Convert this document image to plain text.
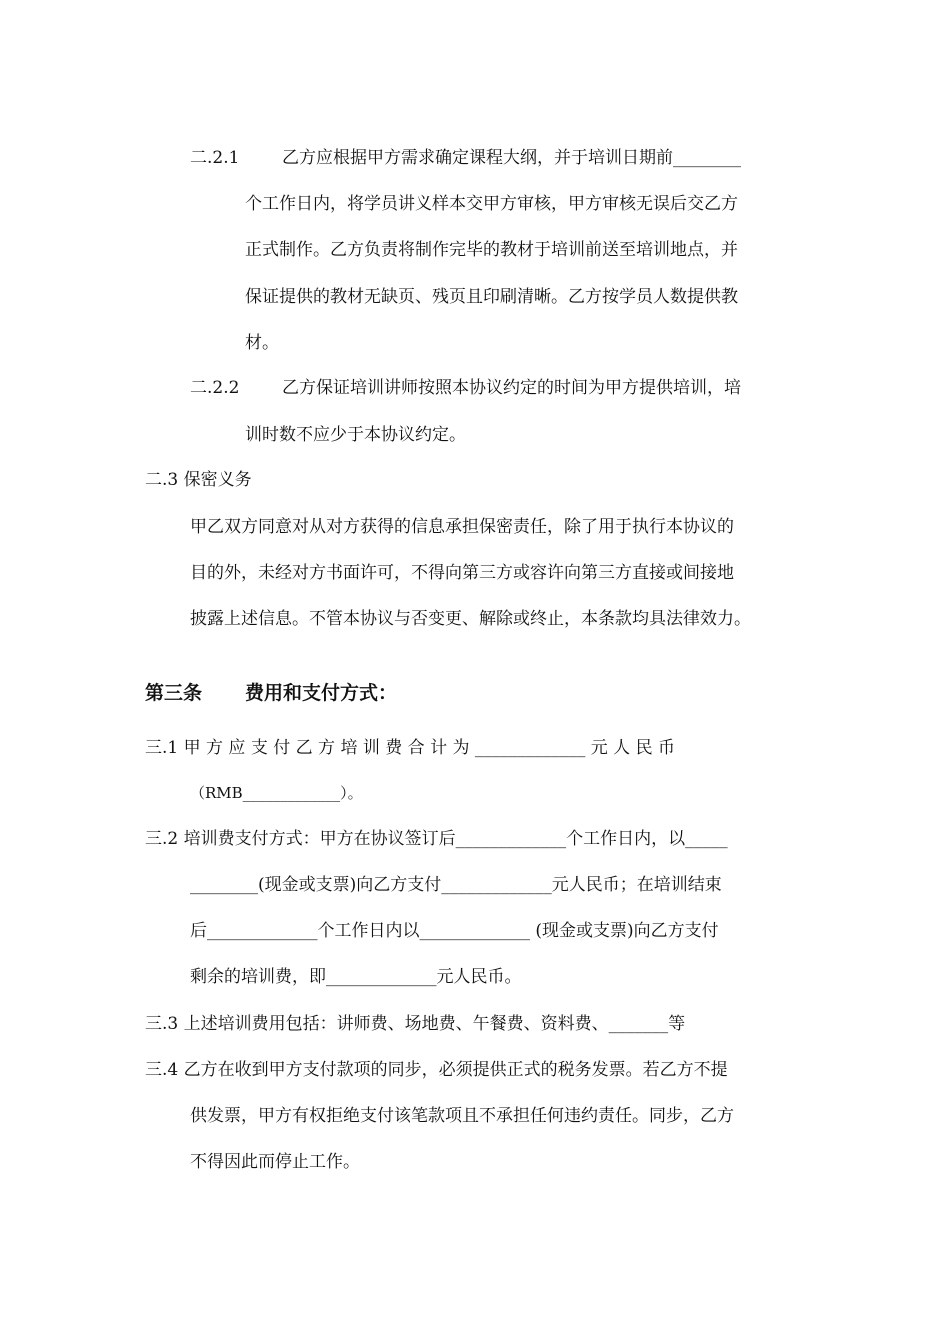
二.2.1	乙方应根据甲方需求确定课程大纲，并于培训日期前________
个工作日内，将学员讲义样本交甲方审核，甲方审核无误后交乙方
正式制作。乙方负责将制作完毕的教材于培训前送至培训地点，并
保证提供的教材无缺页、残页且印刷清晰。乙方按学员人数提供教
材。
二.2.2	乙方保证培训讲师按照本协议约定的时间为甲方提供培训，培
训时数不应少于本协议约定。
二.3 保密义务
甲乙双方同意对从对方获得的信息承担保密责任，除了用于执行本协议的
目的外，未经对方书面许可，不得向第三方或容许向第三方直接或间接地
披露上述信息。不管本协议与否变更、解除或终止，本条款均具法律效力。
第三条 费用和支付方式：
三.1 甲 方 应 支 付 乙 方 培 训 费 合 计 为 _____________ 元 人 民 币
（RMB_____________）。
三.2 培训费支付方式：甲方在协议签订后_____________个工作日内，以_____
________(现金或支票)向乙方支付_____________元人民币；在培训结束
后_____________个工作日内以_____________ (现金或支票)向乙方支付
剩余的培训费，即_____________元人民币。
三.3 上述培训费用包括：讲师费、场地费、午餐费、资料费、_______等
三.4 乙方在收到甲方支付款项的同步，必须提供正式的税务发票。若乙方不提
供发票，甲方有权拒绝支付该笔款项且不承担任何违约责任。同步，乙方
不得因此而停止工作。
